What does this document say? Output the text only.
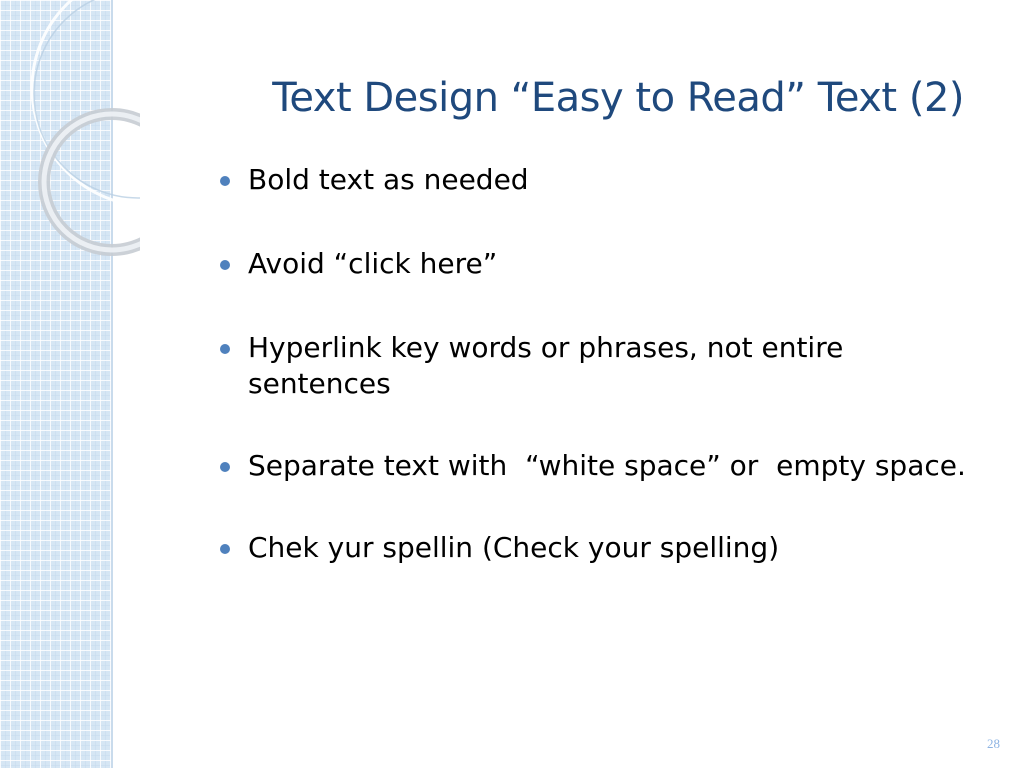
Text Design “Easy to Read” Text (2)
Bold text as needed
Avoid “click here”
Hyperlink key words or phrases, not entire sentences
Separate text with  “white space” or  empty space.
Chek yur spellin (Check your spelling)
28
